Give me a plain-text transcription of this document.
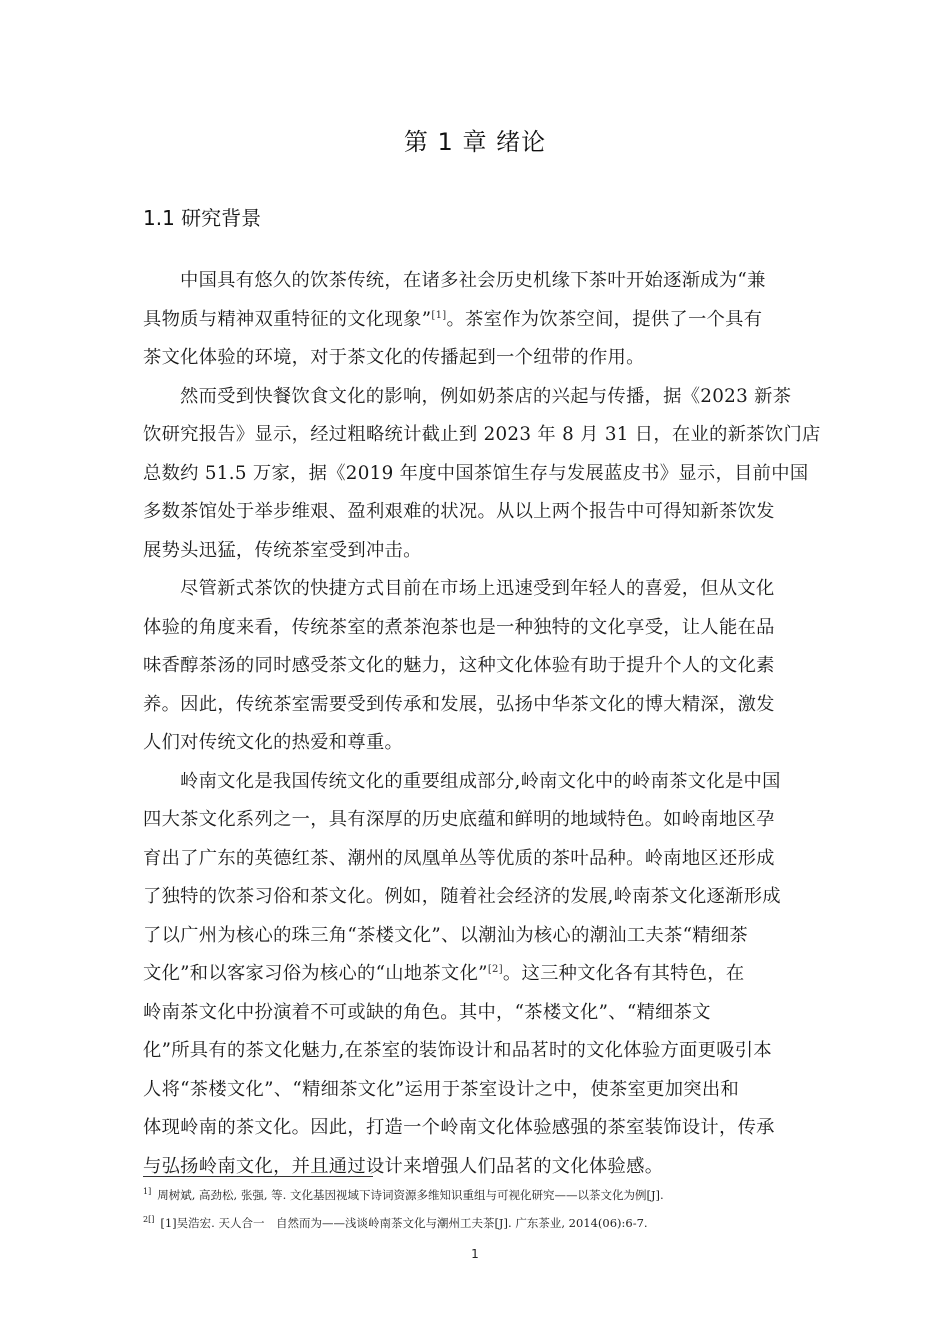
第 1 章 绪论
1.1 研究背景

中国具有悠久的饮茶传统，在诸多社会历史机缘下茶叶开始逐渐成为“兼
具物质与精神双重特征的文化现象”[1]。茶室作为饮茶空间，提供了一个具有
茶文化体验的环境，对于茶文化的传播起到一个纽带的作用。

然而受到快餐饮食文化的影响，例如奶茶店的兴起与传播，据《2023 新茶
饮研究报告》显示，经过粗略统计截止到 2023 年 8 月 31 日，在业的新茶饮门店
总数约 51.5 万家，据《2019 年度中国茶馆生存与发展蓝皮书》显示，目前中国
多数茶馆处于举步维艰、盈利艰难的状况。从以上两个报告中可得知新茶饮发
展势头迅猛，传统茶室受到冲击。

尽管新式茶饮的快捷方式目前在市场上迅速受到年轻人的喜爱，但从文化
体验的角度来看，传统茶室的煮茶泡茶也是一种独特的文化享受，让人能在品
味香醇茶汤的同时感受茶文化的魅力，这种文化体验有助于提升个人的文化素
养。因此，传统茶室需要受到传承和发展，弘扬中华茶文化的博大精深，激发
人们对传统文化的热爱和尊重。

岭南文化是我国传统文化的重要组成部分,岭南文化中的岭南茶文化是中国
四大茶文化系列之一，具有深厚的历史底蕴和鲜明的地域特色。如岭南地区孕
育出了广东的英德红茶、潮州的凤凰单丛等优质的茶叶品种。岭南地区还形成
了独特的饮茶习俗和茶文化。例如，随着社会经济的发展,岭南茶文化逐渐形成
了以广州为核心的珠三角“茶楼文化”、以潮汕为核心的潮汕工夫茶“精细茶
文化”和以客家习俗为核心的“山地茶文化”[2]。这三种文化各有其特色，在
岭南茶文化中扮演着不可或缺的角色。其中，“茶楼文化”、“精细茶文
化”所具有的茶文化魅力,在茶室的装饰设计和品茗时的文化体验方面更吸引本
人将“茶楼文化”、“精细茶文化”运用于茶室设计之中，使茶室更加突出和
体现岭南的茶文化。因此，打造一个岭南文化体验感强的茶室装饰设计，传承
与弘扬岭南文化，并且通过设计来增强人们品茗的文化体验感。

$^{1]}$ 周树斌, 高劲松, 张强, 等. 文化基因视域下诗词资源多维知识重组与可视化研究——以茶文化为例[J].
$^{2[]}$ [1]吴浩宏. 天人合一　自然而为——浅谈岭南茶文化与潮州工夫茶[J]. 广东茶业, 2014(06):6-7.
1
